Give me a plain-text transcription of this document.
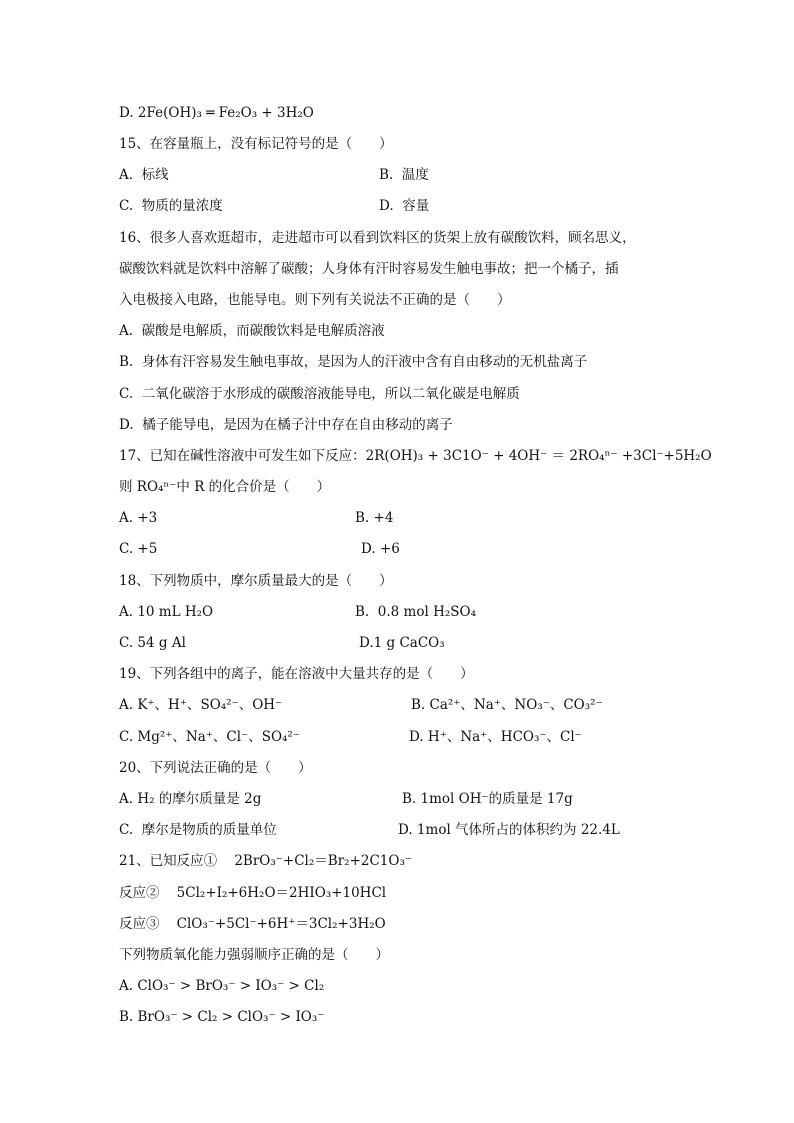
D. 2Fe(OH)₃ ═ Fe₂O₃ + 3H₂O
15、在容量瓶上，没有标记符号的是（　　）
A.  标线	B.  温度
C.  物质的量浓度	D.  容量
16、很多人喜欢逛超市，走进超市可以看到饮料区的货架上放有碳酸饮料，顾名思义，
碳酸饮料就是饮料中溶解了碳酸；人身体有汗时容易发生触电事故；把一个橘子，插
入电极接入电路，也能导电。则下列有关说法不正确的是（　　）
A.  碳酸是电解质，而碳酸饮料是电解质溶液
B.  身体有汗容易发生触电事故，是因为人的汗液中含有自由移动的无机盐离子
C.  二氧化碳溶于水形成的碳酸溶液能导电，所以二氧化碳是电解质
D.  橘子能导电，是因为在橘子汁中存在自由移动的离子
17、已知在碱性溶液中可发生如下反应：2R(OH)₃ + 3C1O⁻ + 4OH⁻ ＝ 2RO₄ⁿ⁻ +3Cl⁻+5H₂O
则 RO₄ⁿ⁻中 R 的化合价是（　　）
A. +3	B. +4
C. +5	D. +6
18、下列物质中，摩尔质量最大的是（　　）
A. 10 mL H₂O	B.  0.8 mol H₂SO₄
C. 54 g Al	D.1 g CaCO₃
19、下列各组中的离子，能在溶液中大量共存的是（　　）
A. K⁺、H⁺、SO₄²⁻、OH⁻	B. Ca²⁺、Na⁺、NO₃⁻、CO₃²⁻
C. Mg²⁺、Na⁺、Cl⁻、SO₄²⁻	D. H⁺、Na⁺、HCO₃⁻、Cl⁻
20、下列说法正确的是（　　）
A. H₂ 的摩尔质量是 2g	B. 1mol OH⁻的质量是 17g
C.  摩尔是物质的质量单位	D. 1mol 气体所占的体积约为 22.4L
21、已知反应①    2BrO₃⁻+Cl₂＝Br₂+2C1O₃⁻
反应②    5Cl₂+I₂+6H₂O＝2HIO₃+10HCl
反应③    ClO₃⁻+5Cl⁻+6H⁺＝3Cl₂+3H₂O
下列物质氧化能力强弱顺序正确的是（　　）
A. ClO₃⁻ > BrO₃⁻ > IO₃⁻ > Cl₂
B. BrO₃⁻ > Cl₂ > ClO₃⁻ > IO₃⁻
